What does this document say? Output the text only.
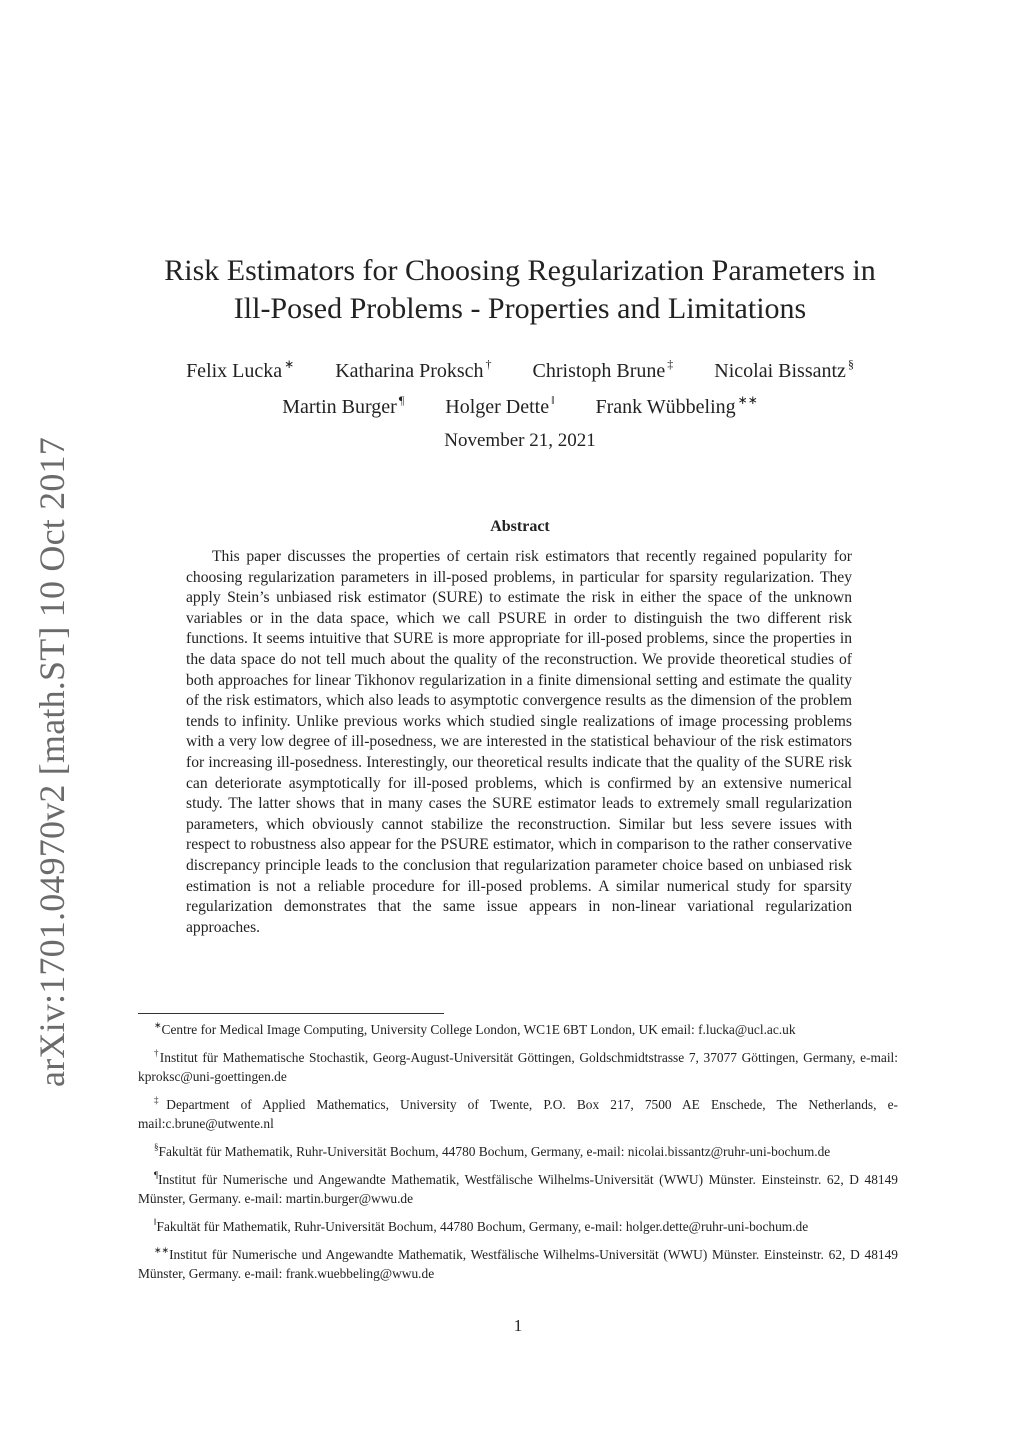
arXiv:1701.04970v2 [math.ST] 10 Oct 2017
Risk Estimators for Choosing Regularization Parameters in
Ill-Posed Problems - Properties and Limitations
Felix Lucka ∗ Katharina Proksch † Christoph Brune ‡ Nicolai Bissantz §
Martin Burger ¶ Holger Dette ‖ Frank Wübbeling ∗∗
November 21, 2021
Abstract

This paper discusses the properties of certain risk estimators that recently regained popularity for choosing regularization parameters in ill-posed problems, in particular for sparsity regularization. They apply Stein’s unbiased risk estimator (SURE) to estimate the risk in either the space of the unknown variables or in the data space, which we call PSURE in order to distinguish the two different risk functions. It seems intuitive that SURE is more appropriate for ill-posed problems, since the properties in the data space do not tell much about the quality of the reconstruction. We provide theoretical studies of both approaches for linear Tikhonov regularization in a finite dimensional setting and estimate the quality of the risk estimators, which also leads to asymptotic convergence results as the dimension of the problem tends to infinity. Unlike previous works which studied single realizations of image processing problems with a very low degree of ill-posedness, we are interested in the statistical behaviour of the risk estimators for increasing ill-posedness. Interestingly, our theoretical results indicate that the quality of the SURE risk can deteriorate asymptotically for ill-posed problems, which is confirmed by an extensive numerical study. The latter shows that in many cases the SURE estimator leads to extremely small regularization parameters, which obviously cannot stabilize the reconstruction. Similar but less severe issues with respect to robustness also appear for the PSURE estimator, which in comparison to the rather conservative discrepancy principle leads to the conclusion that regularization parameter choice based on unbiased risk estimation is not a reliable procedure for ill-posed problems. A similar numerical study for sparsity regularization demonstrates that the same issue appears in non-linear variational regularization approaches.

∗Centre for Medical Image Computing, University College London, WC1E 6BT London, UK email: f.lucka@ucl.ac.uk

†Institut für Mathematische Stochastik, Georg-August-Universität Göttingen, Goldschmidtstrasse 7, 37077 Göttingen, Germany, e-mail: kproksc@uni-goettingen.de

‡Department of Applied Mathematics, University of Twente, P.O. Box 217, 7500 AE Enschede, The Netherlands, e-mail:c.brune@utwente.nl

§Fakultät für Mathematik, Ruhr-Universität Bochum, 44780 Bochum, Germany, e-mail: nicolai.bissantz@ruhr-uni-bochum.de

¶Institut für Numerische und Angewandte Mathematik, Westfälische Wilhelms-Universität (WWU) Münster. Einsteinstr. 62, D 48149 Münster, Germany. e-mail: martin.burger@wwu.de

‖Fakultät für Mathematik, Ruhr-Universität Bochum, 44780 Bochum, Germany, e-mail: holger.dette@ruhr-uni-bochum.de

∗∗Institut für Numerische und Angewandte Mathematik, Westfälische Wilhelms-Universität (WWU) Münster. Einsteinstr. 62, D 48149 Münster, Germany. e-mail: frank.wuebbeling@wwu.de

1
